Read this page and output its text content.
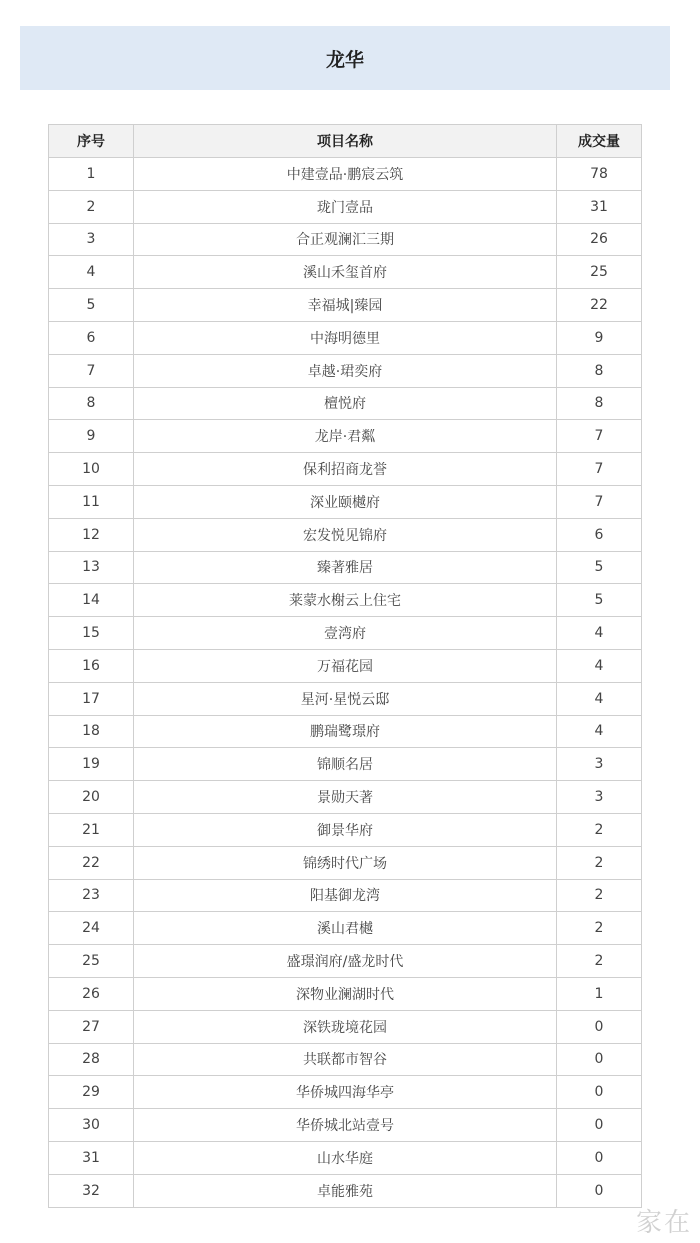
龙华
序号	项目名称	成交量
1	中建壹品·鹏宸云筑	78
2	珑门壹品	31
3	合正观澜汇三期	26
4	溪山禾玺首府	25
5	幸福城|臻园	22
6	中海明德里	9
7	卓越·珺奕府	8
8	檀悦府	8
9	龙岸·君粼	7
10	保利招商龙誉	7
11	深业颐樾府	7
12	宏发悦见锦府	6
13	臻著雅居	5
14	莱蒙水榭云上住宅	5
15	壹湾府	4
16	万福花园	4
17	星河·星悦云邸	4
18	鹏瑞鹭璟府	4
19	锦顺名居	3
20	景勋天著	3
21	御景华府	2
22	锦绣时代广场	2
23	阳基御龙湾	2
24	溪山君樾	2
25	盛璟润府/盛龙时代	2
26	深物业澜湖时代	1
27	深铁珑境花园	0
28	共联都市智谷	0
29	华侨城四海华亭	0
30	华侨城北站壹号	0
31	山水华庭	0
32	卓能雅苑	0
家在
